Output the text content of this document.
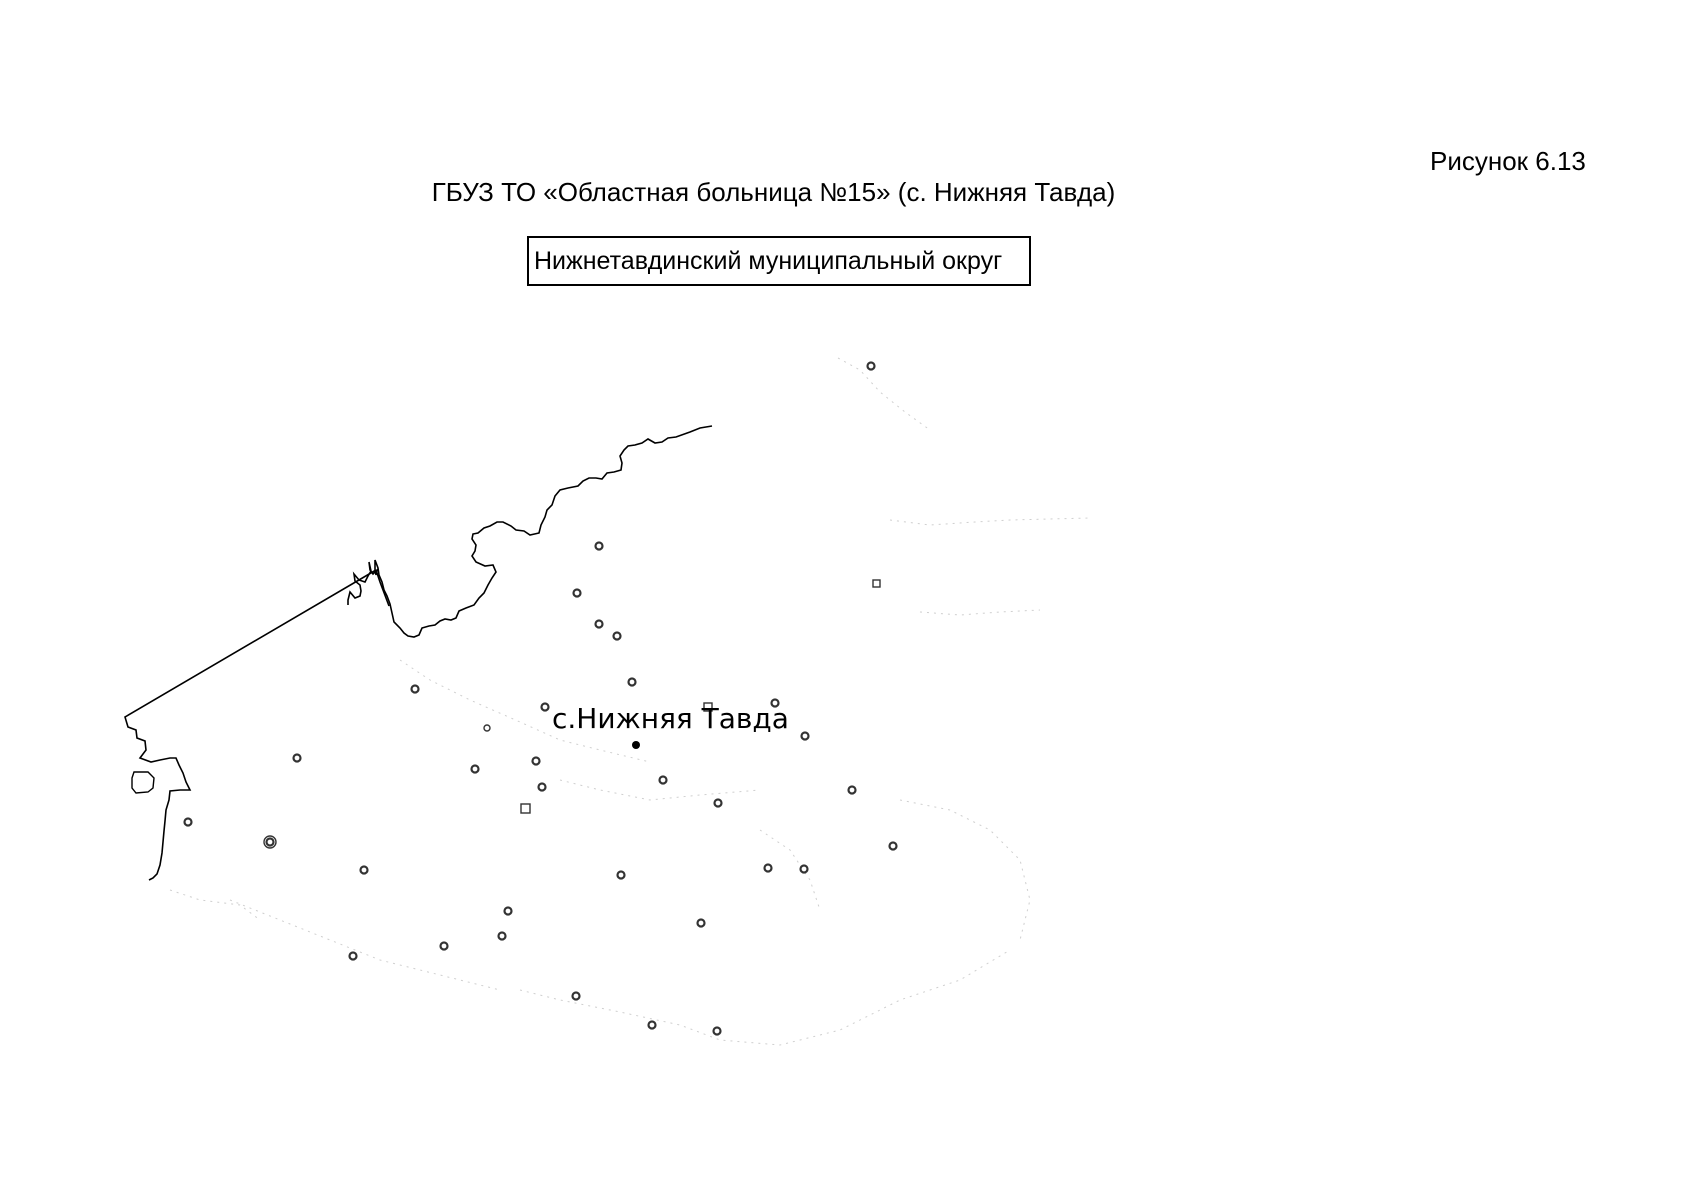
Рисунок 6.13
ГБУЗ ТО «Областная больница №15» (с. Нижняя Тавда)
Нижнетавдинский муниципальный округ
с.Нижняя Тавда
